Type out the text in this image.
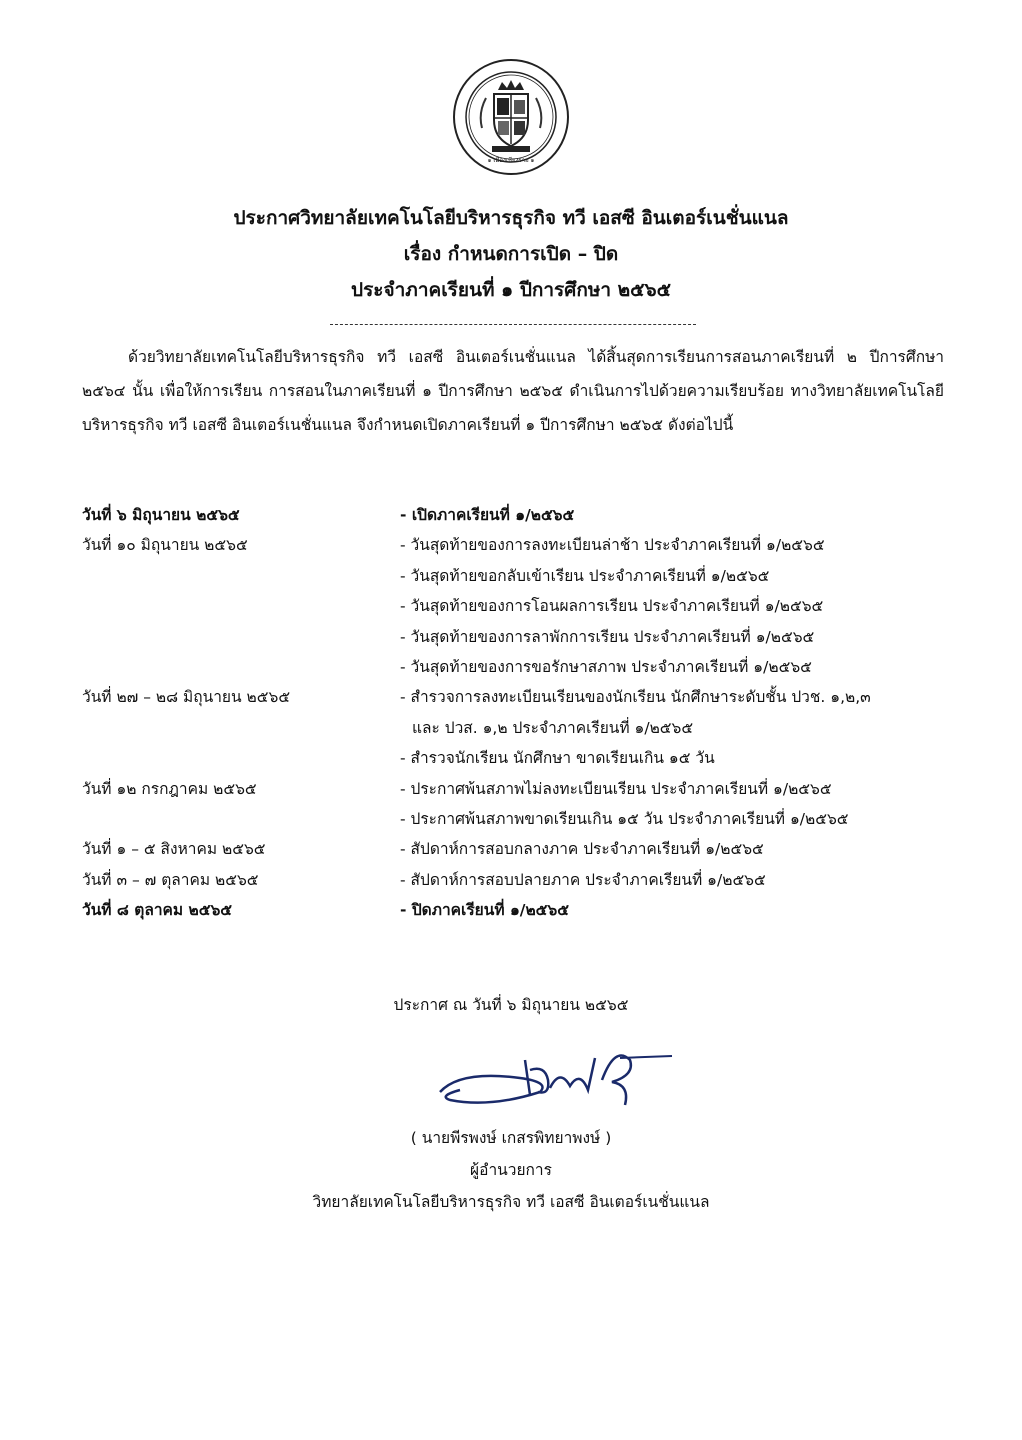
๑ เมืองเชียงราย ๑
ประกาศวิทยาลัยเทคโนโลยีบริหารธุรกิจ ทวี เอสซี อินเตอร์เนชั่นแนล
เรื่อง กำหนดการเปิด – ปิด
ประจำภาคเรียนที่ ๑ ปีการศึกษา ๒๕๖๕
ด้วยวิทยาลัยเทคโนโลยีบริหารธุรกิจ ทวี เอสซี อินเตอร์เนชั่นแนล ได้สิ้นสุดการเรียนการสอนภาคเรียนที่ ๒ ปีการศึกษา ๒๕๖๔ นั้น เพื่อให้การเรียน การสอนในภาคเรียนที่ ๑ ปีการศึกษา ๒๕๖๕ ดำเนินการไปด้วยความเรียบร้อย ทางวิทยาลัยเทคโนโลยีบริหารธุรกิจ ทวี เอสซี อินเตอร์เนชั่นแนล จึงกำหนดเปิดภาคเรียนที่ ๑ ปีการศึกษา ๒๕๖๕ ดังต่อไปนี้
วันที่ ๖ มิถุนายน ๒๕๖๕	- เปิดภาคเรียนที่ ๑/๒๕๖๕
วันที่ ๑๐ มิถุนายน ๒๕๖๕	- วันสุดท้ายของการลงทะเบียนล่าช้า ประจำภาคเรียนที่ ๑/๒๕๖๕
- วันสุดท้ายขอกลับเข้าเรียน ประจำภาคเรียนที่ ๑/๒๕๖๕
- วันสุดท้ายของการโอนผลการเรียน ประจำภาคเรียนที่ ๑/๒๕๖๕
- วันสุดท้ายของการลาพักการเรียน ประจำภาคเรียนที่ ๑/๒๕๖๕
- วันสุดท้ายของการขอรักษาสภาพ ประจำภาคเรียนที่ ๑/๒๕๖๕
วันที่ ๒๗ – ๒๘ มิถุนายน ๒๕๖๕	- สำรวจการลงทะเบียนเรียนของนักเรียน นักศึกษาระดับชั้น ปวช. ๑,๒,๓
และ ปวส. ๑,๒ ประจำภาคเรียนที่ ๑/๒๕๖๕
- สำรวจนักเรียน นักศึกษา ขาดเรียนเกิน ๑๕ วัน
วันที่ ๑๒ กรกฎาคม ๒๕๖๕	- ประกาศพ้นสภาพไม่ลงทะเบียนเรียน ประจำภาคเรียนที่ ๑/๒๕๖๕
- ประกาศพ้นสภาพขาดเรียนเกิน ๑๕ วัน ประจำภาคเรียนที่ ๑/๒๕๖๕
วันที่ ๑ – ๕ สิงหาคม ๒๕๖๕	- สัปดาห์การสอบกลางภาค ประจำภาคเรียนที่ ๑/๒๕๖๕
วันที่ ๓ – ๗ ตุลาคม ๒๕๖๕	- สัปดาห์การสอบปลายภาค ประจำภาคเรียนที่ ๑/๒๕๖๕
วันที่ ๘ ตุลาคม ๒๕๖๕	- ปิดภาคเรียนที่ ๑/๒๕๖๕
ประกาศ ณ วันที่ ๖ มิถุนายน ๒๕๖๕
( นายพีรพงษ์ เกสรพิทยาพงษ์ )
ผู้อำนวยการ
วิทยาลัยเทคโนโลยีบริหารธุรกิจ ทวี เอสซี อินเตอร์เนชั่นแนล
